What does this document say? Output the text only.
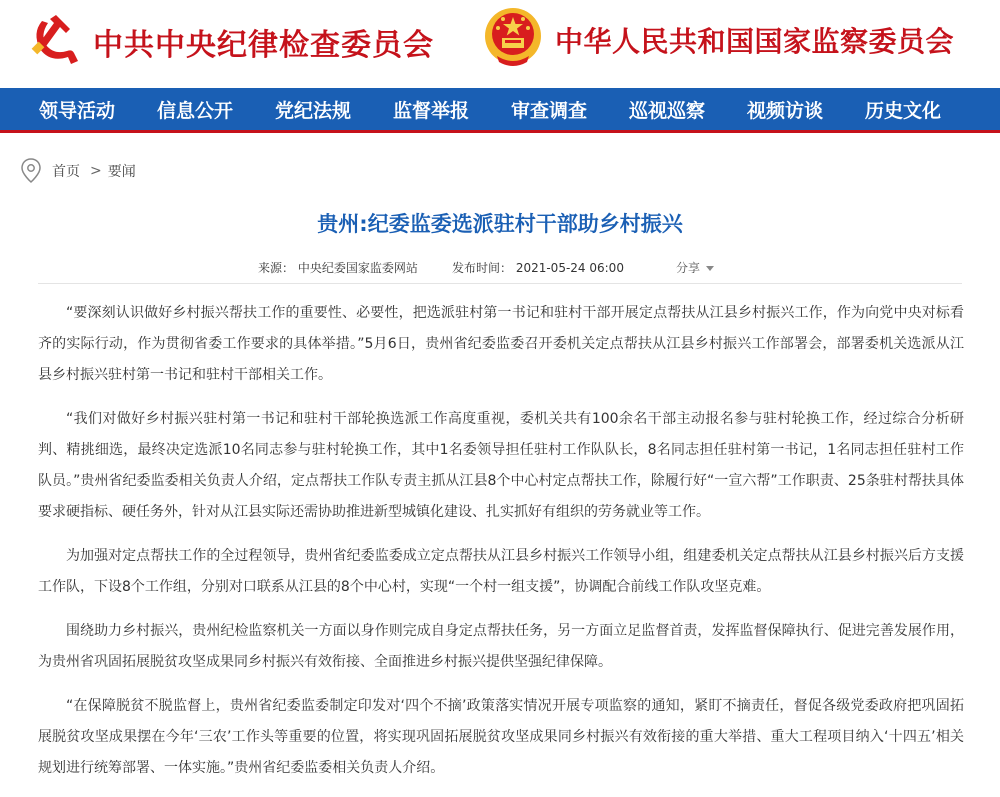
中共中央纪律检查委员会	中华人民共和国国家监察委员会
领导活动	信息公开	党纪法规	监督举报	审查调查	巡视巡察	视频访谈	历史文化
首页 > 要闻
贵州:纪委监委选派驻村干部助乡村振兴
来源： 中央纪委国家监委网站	发布时间： 2021-05-24 06:00	分享

“要深刻认识做好乡村振兴帮扶工作的重要性、必要性，把选派驻村第一书记和驻村干部开展定点帮扶从江县乡村振兴工作，作为向党中央对标看齐的实际行动，作为贯彻省委工作要求的具体举措。”5月6日，贵州省纪委监委召开委机关定点帮扶从江县乡村振兴工作部署会，部署委机关选派从江县乡村振兴驻村第一书记和驻村干部相关工作。

“我们对做好乡村振兴驻村第一书记和驻村干部轮换选派工作高度重视，委机关共有100余名干部主动报名参与驻村轮换工作，经过综合分析研判、精挑细选，最终决定选派10名同志参与驻村轮换工作，其中1名委领导担任驻村工作队队长，8名同志担任驻村第一书记，1名同志担任驻村工作队员。”贵州省纪委监委相关负责人介绍，定点帮扶工作队专责主抓从江县8个中心村定点帮扶工作，除履行好“一宣六帮”工作职责、25条驻村帮扶具体要求硬指标、硬任务外，针对从江县实际还需协助推进新型城镇化建设、扎实抓好有组织的劳务就业等工作。

为加强对定点帮扶工作的全过程领导，贵州省纪委监委成立定点帮扶从江县乡村振兴工作领导小组，组建委机关定点帮扶从江县乡村振兴后方支援工作队，下设8个工作组，分别对口联系从江县的8个中心村，实现“一个村一组支援”，协调配合前线工作队攻坚克难。

围绕助力乡村振兴，贵州纪检监察机关一方面以身作则完成自身定点帮扶任务，另一方面立足监督首责，发挥监督保障执行、促进完善发展作用，为贵州省巩固拓展脱贫攻坚成果同乡村振兴有效衔接、全面推进乡村振兴提供坚强纪律保障。

“在保障脱贫不脱监督上，贵州省纪委监委制定印发对‘四个不摘’政策落实情况开展专项监察的通知，紧盯不摘责任，督促各级党委政府把巩固拓展脱贫攻坚成果摆在今年‘三农’工作头等重要的位置，将实现巩固拓展脱贫攻坚成果同乡村振兴有效衔接的重大举措、重大工程项目纳入‘十四五’相关规划进行统筹部署、一体实施。”贵州省纪委监委相关负责人介绍。
